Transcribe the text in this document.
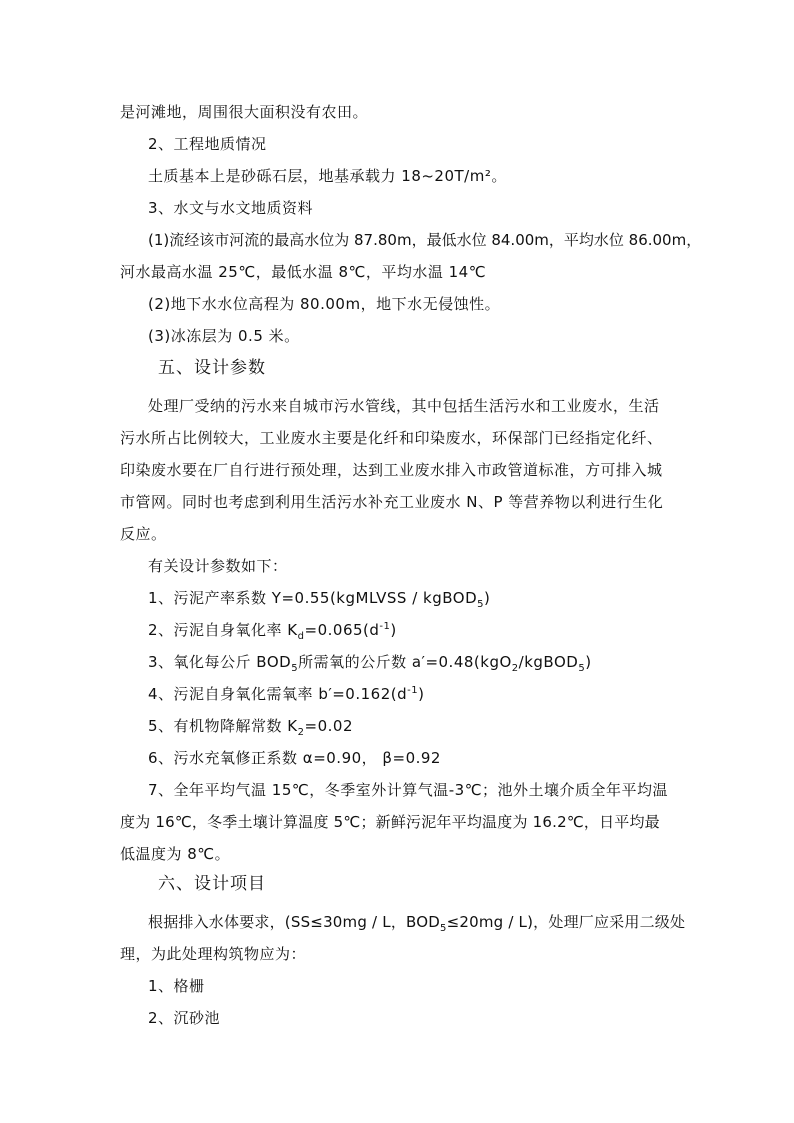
是河滩地，周围很大面积没有农田。
2、工程地质情况
土质基本上是砂砾石层，地基承载力 18~20T/m²。
3、水文与水文地质资料
(1)流经该市河流的最高水位为 87.80m，最低水位 84.00m，平均水位 86.00m，
河水最高水温 25℃，最低水温 8℃，平均水温 14℃
(2)地下水水位高程为 80.00m，地下水无侵蚀性。
(3)冰冻层为 0.5 米。
五、设计参数
处理厂受纳的污水来自城市污水管线，其中包括生活污水和工业废水，生活
污水所占比例较大，工业废水主要是化纤和印染废水，环保部门已经指定化纤、
印染废水要在厂自行进行预处理，达到工业废水排入市政管道标准，方可排入城
市管网。同时也考虑到利用生活污水补充工业废水 N、P 等营养物以利进行生化
反应。
有关设计参数如下：
1、污泥产率系数 Y=0.55(kgMLVSS / kgBOD$_5$)
2、污泥自身氧化率 $K_d=0.065(d^{-1})$
3、氧化每公斤 $BOD_5$所需氧的公斤数 a′=0.48(kgO$_2$/kgBOD$_5$)
4、污泥自身氧化需氧率 $b'=0.162(d^{-1})$
5、有机物降解常数 $K_2=0.02$
6、污水充氧修正系数 α=0.90， β=0.92
7、全年平均气温 15℃，冬季室外计算气温-3℃；池外土壤介质全年平均温
度为 16℃，冬季土壤计算温度 5℃；新鲜污泥年平均温度为 16.2℃，日平均最
低温度为 8℃。
六、设计项目
根据排入水体要求，(SS≤30mg / L，$BOD_5\le 20mg / L$)，处理厂应采用二级处
理，为此处理构筑物应为：
1、格栅
2、沉砂池
